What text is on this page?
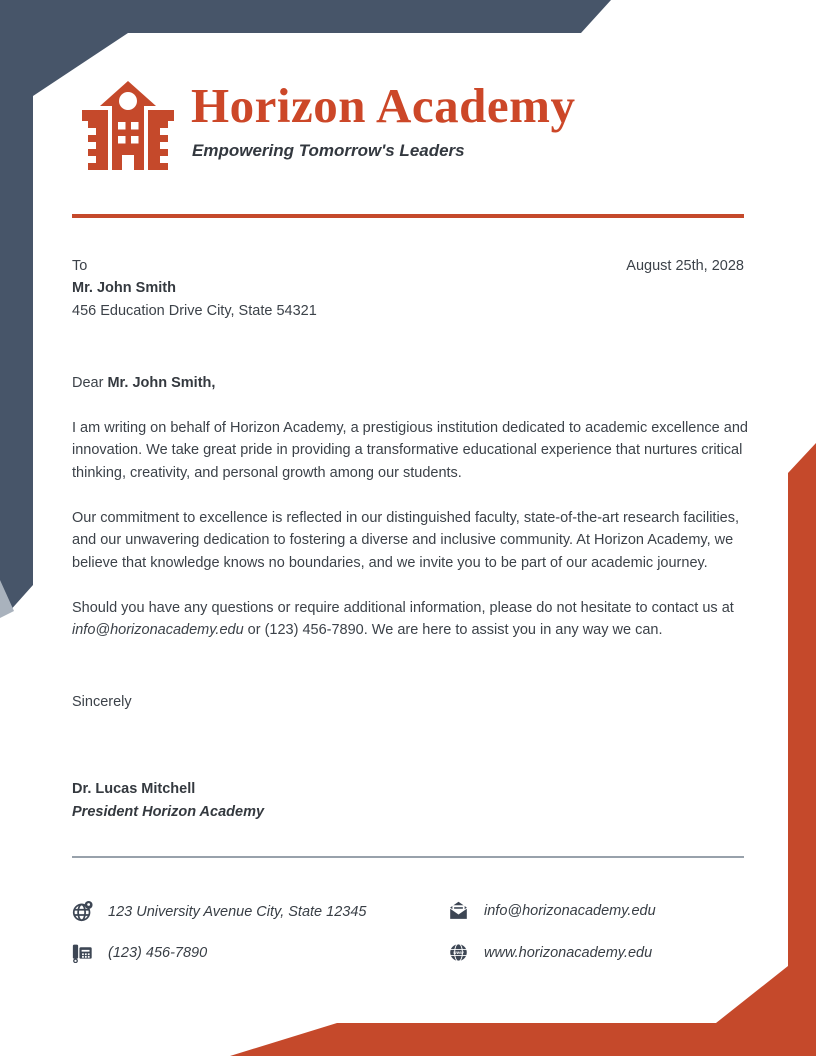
Horizon Academy
Empowering Tomorrow's Leaders
To	August 25th, 2028
Mr. John Smith
456 Education Drive City, State 54321
Dear Mr. John Smith,
I am writing on behalf of Horizon Academy, a prestigious institution dedicated to academic excellence and innovation. We take great pride in providing a transformative educational experience that nurtures critical thinking, creativity, and personal growth among our students.
Our commitment to excellence is reflected in our distinguished faculty, state-of-the-art research facilities, and our unwavering dedication to fostering a diverse and inclusive community. At Horizon Academy, we believe that knowledge knows no boundaries, and we invite you to be part of our academic journey.
Should you have any questions or require additional information, please do not hesitate to contact us at info@horizonacademy.edu or (123) 456-7890. We are here to assist you in any way we can.
Sincerely
Dr. Lucas Mitchell
President Horizon Academy
123 University Avenue City, State 12345
(123) 456-7890
info@horizonacademy.edu
www www.horizonacademy.edu
